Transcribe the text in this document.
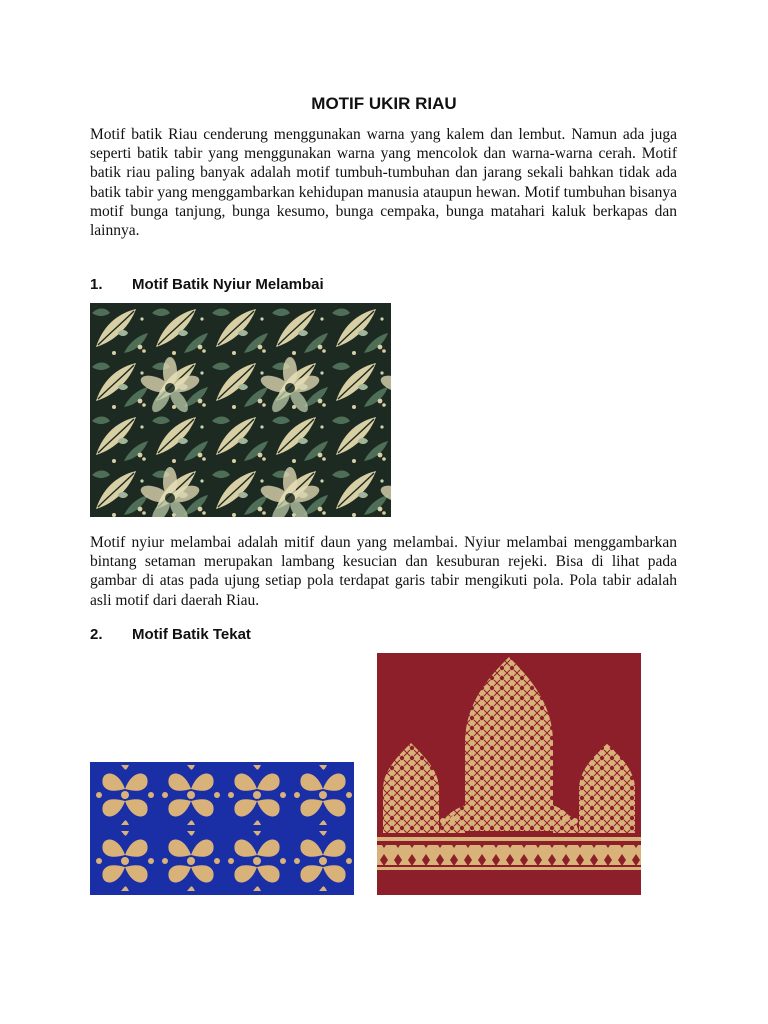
MOTIF UKIR RIAU
Motif batik Riau cenderung menggunakan warna yang kalem dan lembut. Namun ada juga seperti batik tabir yang menggunakan warna yang mencolok dan warna-warna cerah. Motif batik riau paling banyak adalah motif tumbuh-tumbuhan dan jarang sekali bahkan tidak ada batik tabir yang menggambarkan kehidupan manusia ataupun hewan. Motif tumbuhan bisanya motif bunga tanjung, bunga kesumo, bunga cempaka, bunga matahari kaluk berkapas dan lainnya.
1. Motif Batik Nyiur Melambai
Motif nyiur melambai adalah mitif daun yang melambai. Nyiur melambai menggambarkan bintang setaman merupakan lambang kesucian dan kesuburan rejeki. Bisa di lihat pada gambar di atas pada ujung setiap pola terdapat garis tabir mengikuti pola. Pola tabir adalah asli motif dari daerah Riau.
2. Motif Batik Tekat
